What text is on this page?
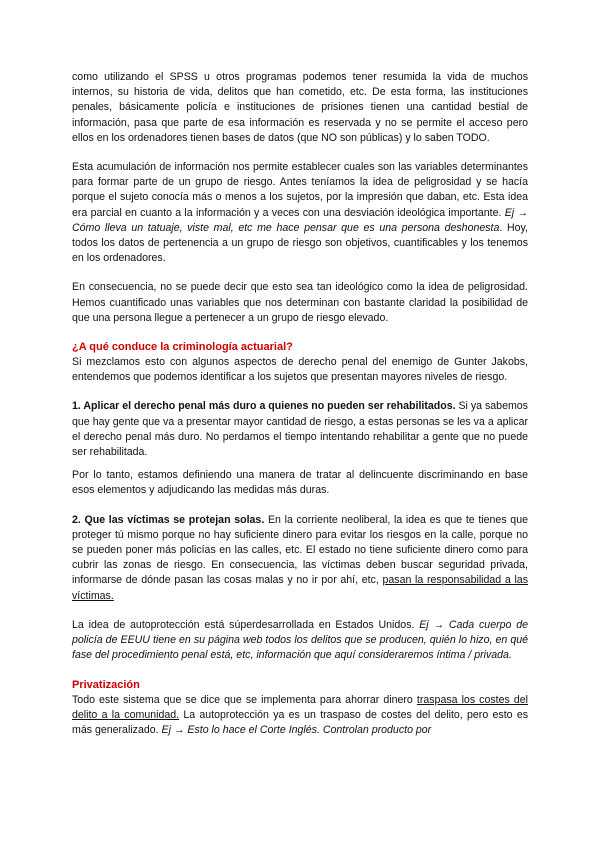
como utilizando el SPSS u otros programas podemos tener resumida la vida de muchos internos, su historia de vida, delitos que han cometido, etc. De esta forma, las instituciones penales, básicamente policía e instituciones de prisiones tienen una cantidad bestial de información, pasa que parte de esa información es reservada y no se permite el acceso pero ellos en los ordenadores tienen bases de datos (que NO son públicas) y lo saben TODO.

Esta acumulación de información nos permite establecer cuales son las variables determinantes para formar parte de un grupo de riesgo. Antes teníamos la idea de peligrosidad y se hacía porque el sujeto conocía más o menos a los sujetos, por la impresión que daban, etc. Esta idea era parcial en cuanto a la información y a veces con una desviación ideológica importante. Ej → Cómo lleva un tatuaje, viste mal, etc me hace pensar que es una persona deshonesta. Hoy, todos los datos de pertenencia a un grupo de riesgo son objetivos, cuantificables y los tenemos en los ordenadores.

En consecuencia, no se puede decir que esto sea tan ideológico como la idea de peligrosidad. Hemos cuantificado unas variables que nos determinan con bastante claridad la posibilidad de que una persona llegue a pertenecer a un grupo de riesgo elevado.

¿A qué conduce la criminología actuarial?

Si mezclamos esto con algunos aspectos de derecho penal del enemigo de Gunter Jakobs, entendemos que podemos identificar a los sujetos que presentan mayores niveles de riesgo.

1. Aplicar el derecho penal más duro a quienes no pueden ser rehabilitados. Si ya sabemos que hay gente que va a presentar mayor cantidad de riesgo, a estas personas se les va a aplicar el derecho penal más duro. No perdamos el tiempo intentando rehabilitar a gente que no puede ser rehabilitada.

Por lo tanto, estamos definiendo una manera de tratar al delincuente discriminando en base esos elementos y adjudicando las medidas más duras.

2. Que las víctimas se protejan solas. En la corriente neoliberal, la idea es que te tienes que proteger tú mismo porque no hay suficiente dinero para evitar los riesgos en la calle, porque no se pueden poner más policías en las calles, etc. El estado no tiene suficiente dinero como para cubrir las zonas de riesgo. En consecuencia, las víctimas deben buscar seguridad privada, informarse de dónde pasan las cosas malas y no ir por ahí, etc, pasan la responsabilidad a las víctimas.

La idea de autoprotección está súperdesarrollada en Estados Unidos. Ej → Cada cuerpo de policía de EEUU tiene en su página web todos los delitos que se producen, quién lo hizo, en qué fase del procedimiento penal está, etc, información que aquí consideraremos íntima / privada.

Privatización

Todo este sistema que se dice que se implementa para ahorrar dinero traspasa los costes del delito a la comunidad. La autoprotección ya es un traspaso de costes del delito, pero esto es más generalizado. Ej → Esto lo hace el Corte Inglés. Controlan producto por
